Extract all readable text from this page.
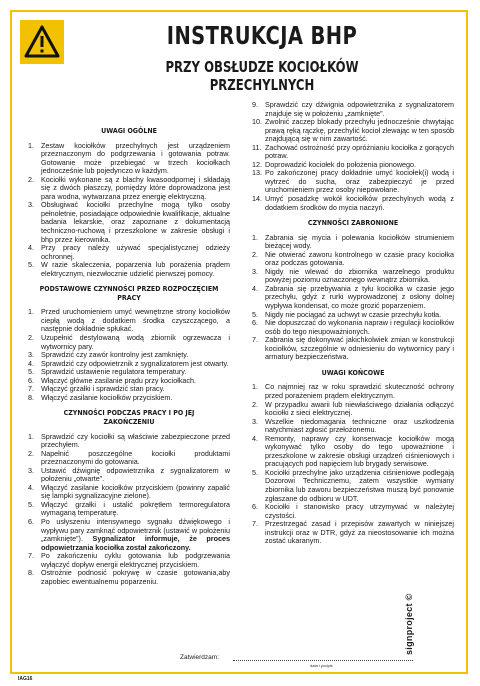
INSTRUKCJA BHP
PRZY OBSŁUDZE KOCIOŁKÓW PRZECHYLNYCH
UWAGI OGÓLNE
1. Zestaw kociołków przechylnych jest urządzeniem przeznaczonym do podgrzewania i gotowania potraw. Gotowanie może przebiegać w trzech kociołkach jednocześnie lub pojedynczo w każdym.
2. Kociołki wykonane są z blachy kwasoodpornej i składają się z dwóch płaszczy, pomiędzy które doprowadzona jest para wodna, wytwarzana przez energię elektryczną.
3. Obsługiwać kociołki przechylne mogą tylko osoby pełnoletnie, posiadające odpowiednie kwalifikacje, aktualne badania lekarskie, oraz zapoznane z dokumentacją techniczno-ruchową i przeszkolone w zakresie obsługi i bhp przez kierownika.
4. Przy pracy należy używać specjalistycznej odzieży ochronnej.
5. W razie skaleczenia, poparzenia lub porażenia prądem elektrycznym, niezwłocznie udzielić pierwszej pomocy.
PODSTAWOWE CZYNNOŚCI PRZED ROZPOCZĘCIEM PRACY
1. Przed uruchomieniem umyć wewnętrzne strony kociołków ciepłą wodą z dodatkiem środka czyszczącego, a następnie dokładnie spłukać.
2. Uzupełnić destylowaną wodą zbiornik ogrzewacza i wytwornicy pary.
3. Sprawdzić czy zawór kontrolny jest zamknięty.
4. Sprawdzić czy odpowietrznik z sygnalizatorem jest otwarty.
5. Sprawdzić ustawienie regulatora temperatury.
6. Włączyć główne zasilanie prądu przy kociołkach.
7. Włączyć grzałki i sprawdzić stan pracy.
8. Włączyć zasilanie kociołków przyciskiem.
CZYNNOŚCI PODCZAS PRACY I PO JEJ ZAKOŃCZENIU
1. Sprawdzić czy kociołki są właściwie zabezpieczone przed przechyłem.
2. Napełnić poszczególne kociołki produktami przeznaczonymi do gotowania.
3. Ustawić dźwignię odpowietrznika z sygnalizatorem w położeniu „otwarte”.
4. Włączyć zasilanie kociołków przyciskiem (powinny zapalić się lampki sygnalizacyjne zielone).
5. Włączyć grzałki i ustalić pokrętłem termoregulatora wymaganą temperaturę.
6. Po usłyszeniu intensywnego sygnału dźwiękowego i wypływu pary zamknąć odpowietrznik (ustawić w położeniu „zamknięte”). Sygnalizator informuje, że proces odpowietrzania kociołka został zakończony.
7. Po zakończeniu cyklu gotowania lub podgrzewania wyłączyć dopływ energii elektrycznej przyciskiem.
8. Ostrożnie podnosić pokrywę w czasie gotowania,aby zapobiec ewentualnemu poparzeniu.
9. Sprawdzić czy dźwignia odpowietrznika z sygnalizatorem znajduje się w położeniu „zamknięte”.
10. Zwolnić zaczep blokady przechyłu jednocześnie chwytając prawą ręką rączkę, przechylić kocioł zlewając w ten sposób znajdującą się w nim zawartość.
11. Zachować ostrożność przy opróżnianiu kociołka z gorących potraw.
12. Doprowadzić kociołek do położenia pionowego.
13. Po zakończonej pracy dokładnie umyć kociołek(i) wodą i wytrzeć do sucha, oraz zabezpieczyć je przed uruchomieniem przez osoby niepowołane.
14. Umyć posadzkę wokół kociołków przechylnych wodą z dodatkiem środków do mycia naczyń.
CZYNNOŚCI ZABRONIONE
1. Zabrania się mycia i polewania kociołków strumieniem bieżącej wody.
2. Nie otwierać zaworu kontrolnego w czasie pracy kociołka oraz podczas gotowania.
3. Nigdy nie wlewać do zbiornika warzelnego produktu powyżej poziomu oznaczonego wewnątrz zbiornika.
4. Zabrania się przebywania z tyłu kociołka w czasie jego przechyłu, gdyż z rurki wyprowadzonej z osłony dolnej wypływa kondensat, co może grozić poparzeniem.
5. Nigdy nie pociągać za uchwyt w czasie przechyłu kotła.
6. Nie dopuszczać do wykonania napraw i regulacji kociołków osób do tego nieupoważnionych.
7. Zabrania się dokonywać jakichkolwiek zmian w konstrukcji kociołków, szczególnie w odniesieniu do wytwornicy pary i armatury bezpieczeństwa.
UWAGI KOŃCOWE
1. Co najmniej raz w roku sprawdzić skuteczność ochrony przed porażeniem prądem elektrycznym.
2. W przypadku awarii lub niewłaściwego działania odłączyć kociołki z sieci elektrycznej.
3. Wszelkie niedomagania techniczne oraz uszkodzenia natychmiast zgłosić przełożonemu.
4. Remonty, naprawy czy konserwacje kociołków mogą wykonywać tylko osoby do tego upoważnione i przeszkolone w zakresie obsługi urządzeń ciśnieniowych i pracujących pod napięciem lub brygady serwisowe.
5. Kociołki przechylne jako urządzenia ciśnieniowe podlegają Dozorowi Technicznemu, zatem wszystkie wymiany zbiornika lub zaworu bezpieczeństwa muszą być ponownie zgłaszane do odbioru w UDT.
6. Kociołki i stanowisko pracy utrzymywać w należytej czystości.
7. Przestrzegać zasad i przepisów zawartych w niniejszej instrukcji oraz w DTR, gdyż za nieostosowanie ich można zostać ukaranym.
Zatwierdzam:
data i podpis
IAG16
signproject ©
